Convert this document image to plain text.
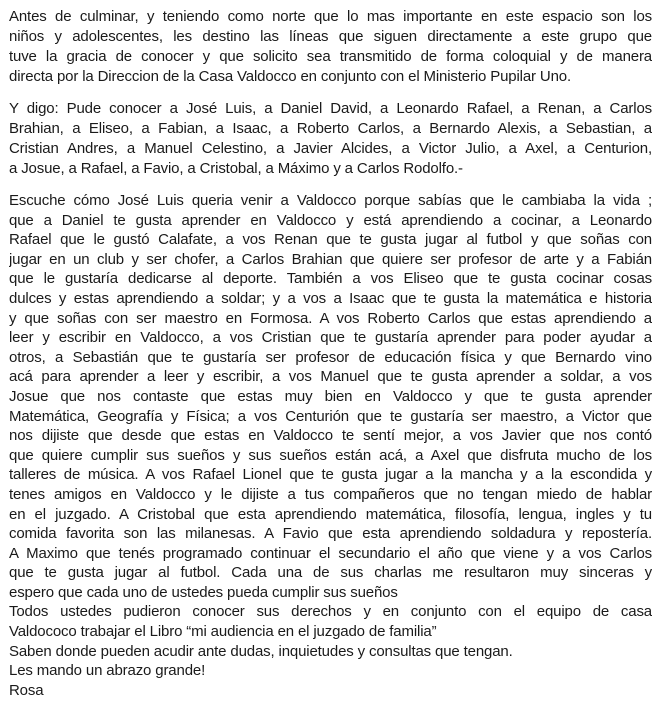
Antes de culminar, y teniendo como norte que lo mas importante en este espacio son los
niños y adolescentes, les destino las líneas que siguen directamente a este grupo que
tuve la gracia de conocer y que solicito sea transmitido de forma coloquial y de manera
directa por la Direccion de la Casa Valdocco en conjunto con el Ministerio Pupilar Uno.
Y digo: Pude conocer a José Luis, a Daniel David, a Leonardo Rafael, a Renan, a Carlos
Brahian, a Eliseo, a Fabian, a Isaac, a Roberto Carlos, a Bernardo Alexis, a Sebastian, a
Cristian Andres, a Manuel Celestino, a Javier Alcides, a Victor Julio, a Axel, a Centurion,
a Josue, a Rafael, a Favio, a Cristobal, a Máximo y a Carlos Rodolfo.-
Escuche cómo José Luis queria venir a Valdocco porque sabías que le cambiaba la vida ;
que a Daniel te gusta aprender en Valdocco y está aprendiendo a cocinar, a Leonardo
Rafael que le gustó Calafate, a vos Renan que te gusta jugar al futbol y que soñas con
jugar en un club y ser chofer, a Carlos Brahian que quiere ser profesor de arte y a Fabián
que le gustaría dedicarse al deporte. También a vos Eliseo que te gusta cocinar cosas
dulces y estas aprendiendo a soldar; y a vos a Isaac que te gusta la matemática e historia
y que soñas con ser maestro en Formosa. A vos Roberto Carlos que estas aprendiendo a
leer y escribir en Valdocco, a vos Cristian que te gustaría aprender para poder ayudar a
otros, a Sebastián que te gustaría ser profesor de educación física y que Bernardo vino
acá para aprender a leer y escribir, a vos Manuel que te gusta aprender a soldar, a vos
Josue que nos contaste que estas muy bien en Valdocco y que te gusta aprender
Matemática, Geografía y Física; a vos Centurión que te gustaría ser maestro, a Victor que
nos dijiste que desde que estas en Valdocco te sentí mejor, a vos Javier que nos contó
que quiere cumplir sus sueños y sus sueños están acá, a Axel que disfruta mucho de los
talleres de música. A vos Rafael Lionel que te gusta jugar a la mancha y a la escondida y
tenes amigos en Valdocco y le dijiste a tus compañeros que no tengan miedo de hablar
en el juzgado. A Cristobal que esta aprendiendo matemática, filosofía, lengua, ingles y tu
comida favorita son las milanesas. A Favio que esta aprendiendo soldadura y repostería.
A Maximo que tenés programado continuar el secundario el año que viene y a vos Carlos
que te gusta jugar al futbol. Cada una de sus charlas me resultaron muy sinceras y
espero que cada uno de ustedes pueda cumplir sus sueños
Todos ustedes pudieron conocer sus derechos y en conjunto con el equipo de casa
Valdococo trabajar el Libro “mi audiencia en el juzgado de familia”
Saben donde pueden acudir ante dudas, inquietudes y consultas que tengan.
Les mando un abrazo grande!
Rosa
